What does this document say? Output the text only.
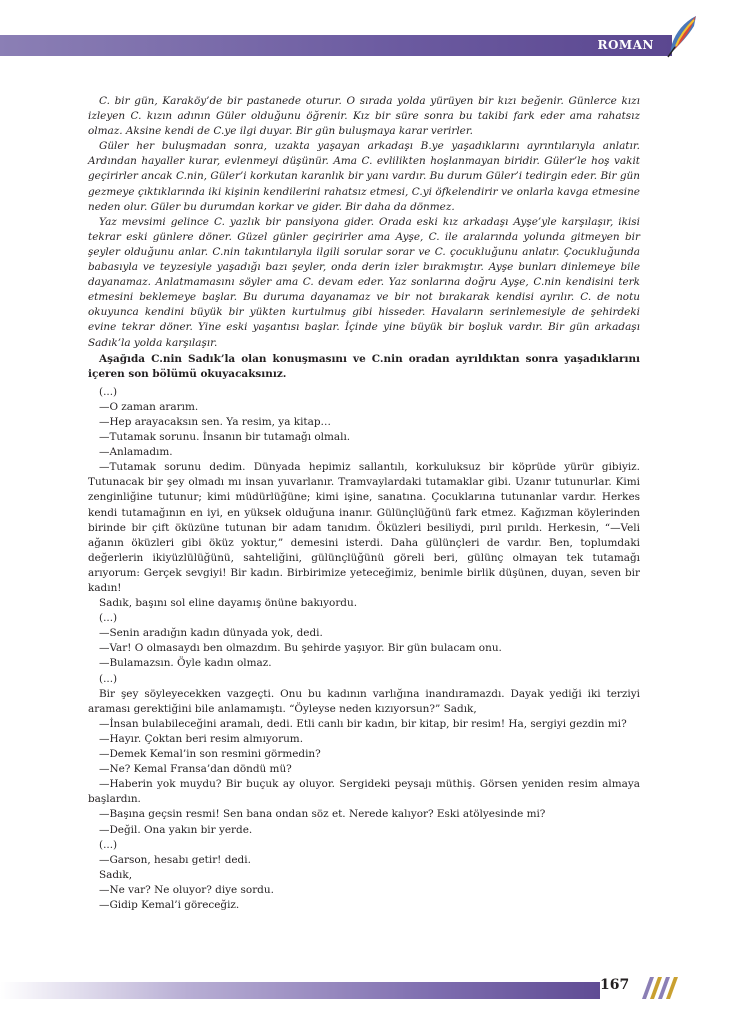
ROMAN

C. bir gün, Karaköy’de bir pastanede oturur. O sırada yolda yürüyen bir kızı beğenir. Günlerce kızı izleyen C. kızın adının Güler olduğunu öğrenir. Kız bir süre sonra bu takibi fark eder ama rahatsız olmaz. Aksine kendi de C.ye ilgi duyar. Bir gün buluşmaya karar verirler.

Güler her buluşmadan sonra, uzakta yaşayan arkadaşı B.ye yaşadıklarını ayrıntılarıyla anlatır. Ardından hayaller kurar, evlenmeyi düşünür. Ama C. evlilikten hoşlanmayan biridir. Güler’le hoş vakit geçirirler ancak C.nin, Güler’i korkutan karanlık bir yanı vardır. Bu durum Güler’i tedirgin eder. Bir gün gezmeye çıktıklarında iki kişinin kendilerini rahatsız etmesi, C.yi öfkelendirir ve onlarla kavga etmesine neden olur. Güler bu durumdan korkar ve gider. Bir daha da dönmez.

Yaz mevsimi gelince C. yazlık bir pansiyona gider. Orada eski kız arkadaşı Ayşe’yle karşılaşır, ikisi tekrar eski günlere döner. Güzel günler geçirirler ama Ayşe, C. ile aralarında yolunda gitmeyen bir şeyler olduğunu anlar. C.nin takıntılarıyla ilgili sorular sorar ve C. çocukluğunu anlatır. Çocukluğunda babasıyla ve teyzesiyle yaşadığı bazı şeyler, onda derin izler bırakmıştır. Ayşe bunları dinlemeye bile dayanamaz. Anlatmamasını söyler ama C. devam eder. Yaz sonlarına doğru Ayşe, C.nin kendisini terk etmesini beklemeye başlar. Bu duruma dayanamaz ve bir not bırakarak kendisi ayrılır. C. de notu okuyunca kendini büyük bir yükten kurtulmuş gibi hisseder. Havaların serinlemesiyle de şehirdeki evine tekrar döner. Yine eski yaşantısı başlar. İçinde yine büyük bir boşluk vardır. Bir gün arkadaşı Sadık’la yolda karşılaşır.

Aşağıda C.nin Sadık’la olan konuşmasını ve C.nin oradan ayrıldıktan sonra yaşadıklarını içeren son bölümü okuyacaksınız.

(...)

—O zaman ararım.

—Hep arayacaksın sen. Ya resim, ya kitap…

—Tutamak sorunu. İnsanın bir tutamağı olmalı.

—Anlamadım.

—Tutamak sorunu dedim. Dünyada hepimiz sallantılı, korkuluksuz bir köprüde yürür gibiyiz. Tutunacak bir şey olmadı mı insan yuvarlanır. Tramvaylardaki tutamaklar gibi. Uzanır tutunurlar. Kimi zenginliğine tutunur; kimi müdürlüğüne; kimi işine, sanatına. Çocuklarına tutunanlar vardır. Herkes kendi tutamağının en iyi, en yüksek olduğuna inanır. Gülünçlüğünü fark etmez. Kağızman köylerinden birinde bir çift öküzüne tutunan bir adam tanıdım. Öküzleri besiliydi, pırıl pırıldı. Herkesin, “—Veli ağanın öküzleri gibi öküz yoktur,” demesini isterdi. Daha gülünçleri de vardır. Ben, toplumdaki değerlerin ikiyüzlülüğünü, sahteliğini, gülünçlüğünü göreli beri, gülünç olmayan tek tutamağı arıyorum: Gerçek sevgiyi! Bir kadın. Birbirimize yeteceğimiz, benimle birlik düşünen, duyan, seven bir kadın!

Sadık, başını sol eline dayamış önüne bakıyordu.

(...)

—Senin aradığın kadın dünyada yok, dedi.

—Var! O olmasaydı ben olmazdım. Bu şehirde yaşıyor. Bir gün bulacam onu.

—Bulamazsın. Öyle kadın olmaz.

(...)

Bir şey söyleyecekken vazgeçti. Onu bu kadının varlığına inandıramazdı. Dayak yediği iki terziyi araması gerektiğini bile anlamamıştı. “Öyleyse neden kızıyorsun?” Sadık,

—İnsan bulabileceğini aramalı, dedi. Etli canlı bir kadın, bir kitap, bir resim! Ha, sergiyi gezdin mi?

—Hayır. Çoktan beri resim almıyorum.

—Demek Kemal’in son resmini görmedin?

—Ne? Kemal Fransa’dan döndü mü?

—Haberin yok muydu? Bir buçuk ay oluyor. Sergideki peysajı müthiş. Görsen yeniden resim almaya başlardın.

—Başına geçsin resmi! Sen bana ondan söz et. Nerede kalıyor? Eski atölyesinde mi?

—Değil. Ona yakın bir yerde.

(...)

—Garson, hesabı getir! dedi.

Sadık,

—Ne var? Ne oluyor? diye sordu.

—Gidip Kemal’i göreceğiz.

167
